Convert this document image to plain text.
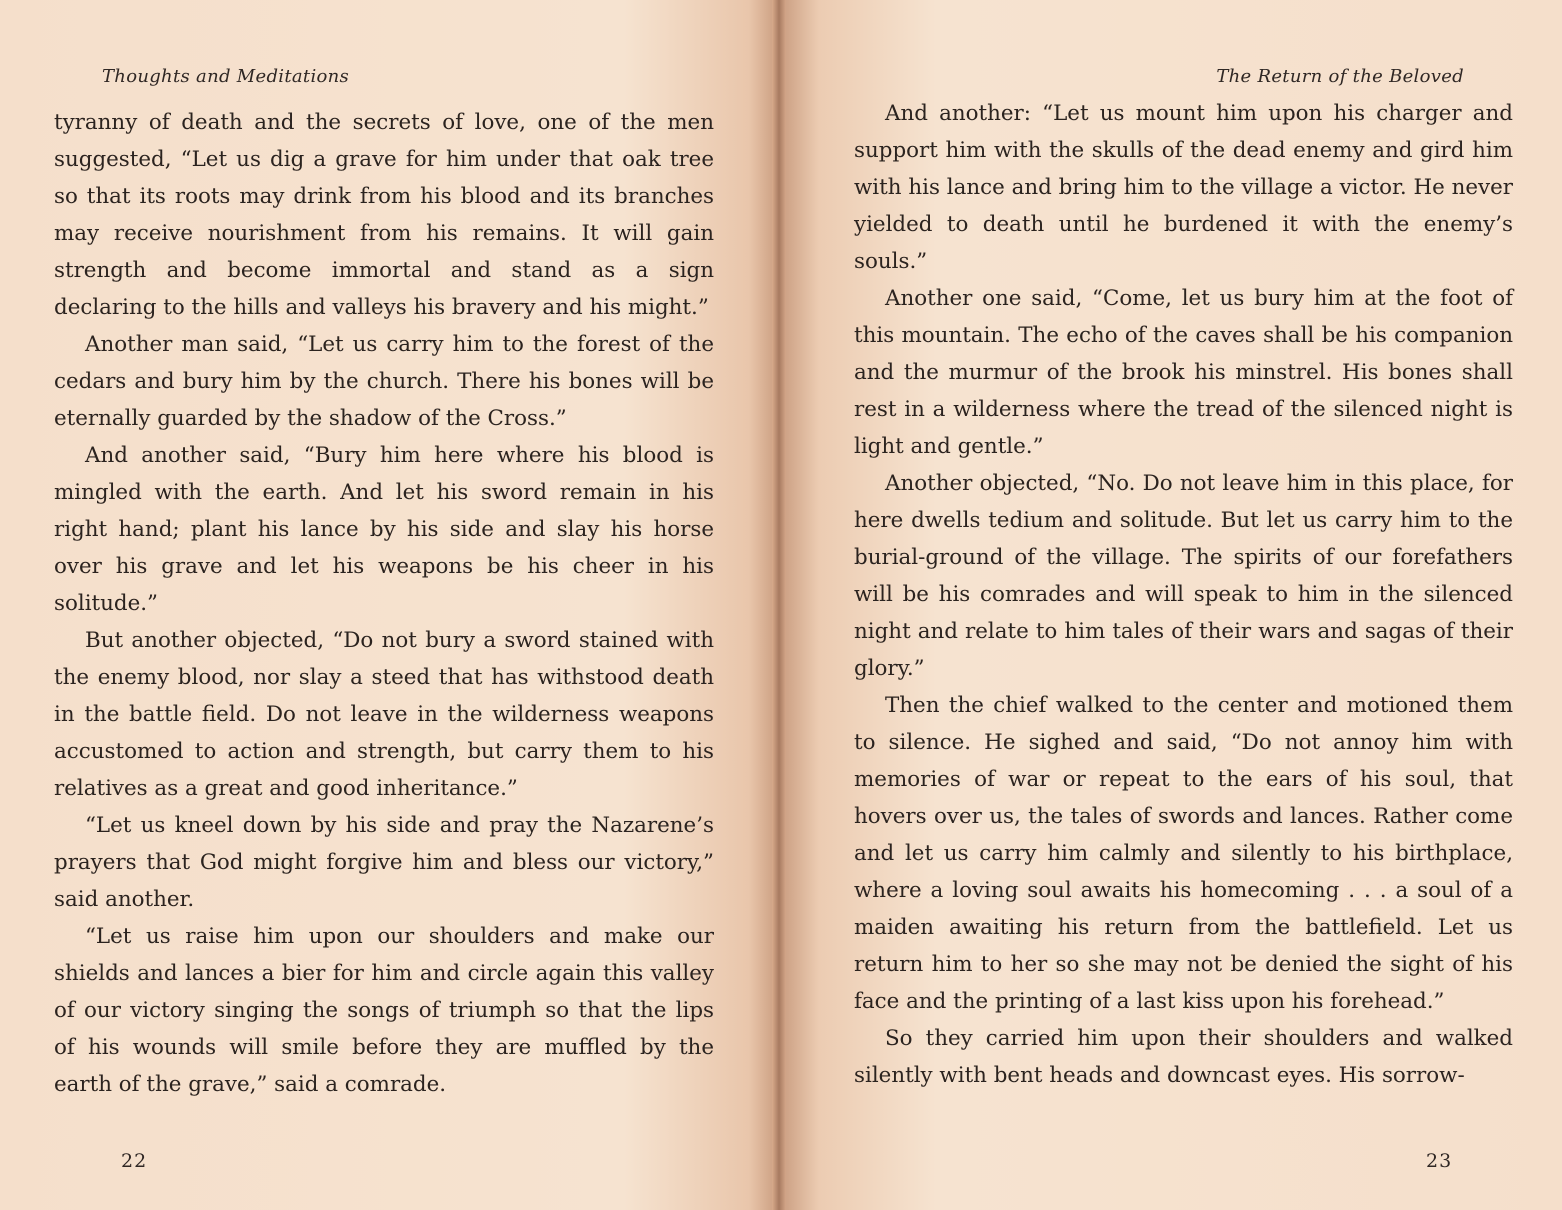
Thoughts and Meditations

tyranny of death and the secrets of love, one of the men suggested, “Let us dig a grave for him under that oak tree so that its roots may drink from his blood and its branches may receive nourishment from his remains. It will gain strength and become immortal and stand as a sign declaring to the hills and valleys his bravery and his might.”

Another man said, “Let us carry him to the forest of the cedars and bury him by the church. There his bones will be eternally guarded by the shadow of the Cross.”

And another said, “Bury him here where his blood is mingled with the earth. And let his sword remain in his right hand; plant his lance by his side and slay his horse over his grave and let his weapons be his cheer in his solitude.”

But another objected, “Do not bury a sword stained with the enemy blood, nor slay a steed that has withstood death in the battle field. Do not leave in the wilderness weapons accustomed to action and strength, but carry them to his relatives as a great and good inheritance.”

“Let us kneel down by his side and pray the Nazarene’s prayers that God might forgive him and bless our victory,” said another.

“Let us raise him upon our shoulders and make our shields and lances a bier for him and circle again this valley of our victory singing the songs of triumph so that the lips of his wounds will smile before they are muffled by the earth of the grave,” said a comrade.

22
The Return of the Beloved

And another: “Let us mount him upon his charger and support him with the skulls of the dead enemy and gird him with his lance and bring him to the village a victor. He never yielded to death until he burdened it with the enemy’s souls.”

Another one said, “Come, let us bury him at the foot of this mountain. The echo of the caves shall be his companion and the murmur of the brook his minstrel. His bones shall rest in a wilderness where the tread of the silenced night is light and gentle.”

Another objected, “No. Do not leave him in this place, for here dwells tedium and solitude. But let us carry him to the burial-ground of the village. The spirits of our forefathers will be his comrades and will speak to him in the silenced night and relate to him tales of their wars and sagas of their glory.”

Then the chief walked to the center and motioned them to silence. He sighed and said, “Do not annoy him with memories of war or repeat to the ears of his soul, that hovers over us, the tales of swords and lances. Rather come and let us carry him calmly and silently to his birthplace, where a loving soul awaits his homecoming . . . a soul of a maiden awaiting his return from the battlefield. Let us return him to her so she may not be denied the sight of his face and the printing of a last kiss upon his forehead.”

So they carried him upon their shoulders and walked silently with bent heads and downcast eyes. His sorrow-

23
